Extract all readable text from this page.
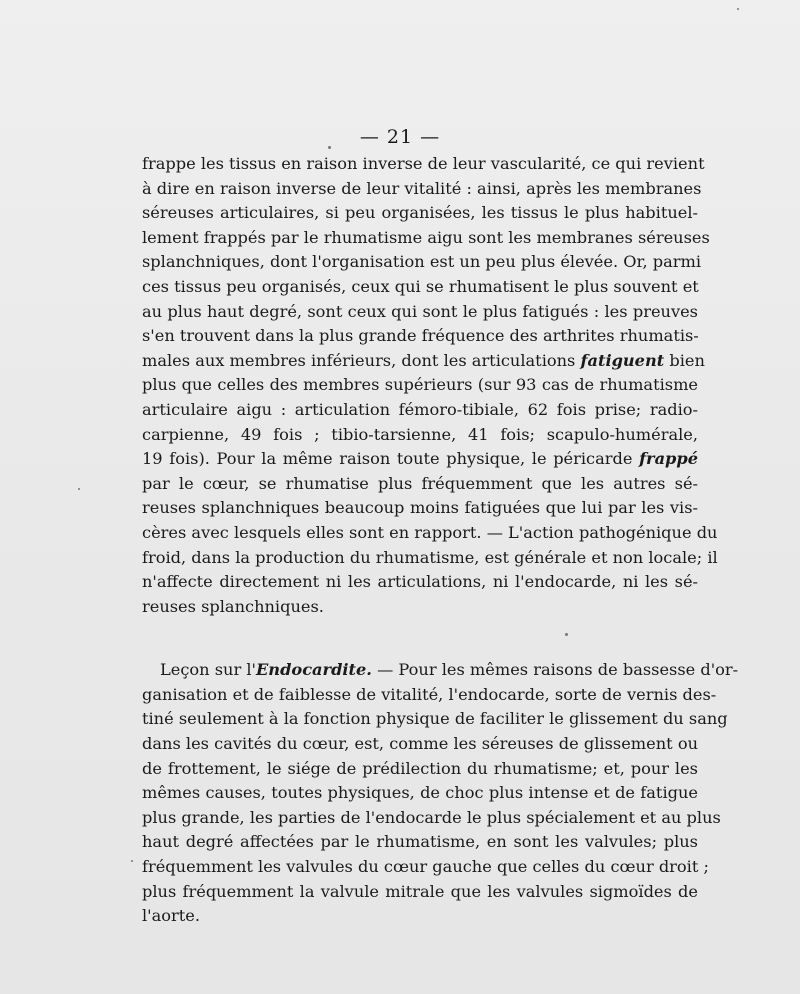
— 21 —

frappe les tissus en raison inverse de leur vascularité, ce qui revient
à dire en raison inverse de leur vitalité : ainsi, après les membranes
séreuses articulaires, si peu organisées, les tissus le plus habituel-
lement frappés par le rhumatisme aigu sont les membranes séreuses
splanchniques, dont l'organisation est un peu plus élevée. Or, parmi
ces tissus peu organisés, ceux qui se rhumatisent le plus souvent et
au plus haut degré, sont ceux qui sont le plus fatigués : les preuves
s'en trouvent dans la plus grande fréquence des arthrites rhumatis-
males aux membres inférieurs, dont les articulations fatiguent bien
plus que celles des membres supérieurs (sur 93 cas de rhumatisme
articulaire aigu : articulation fémoro-tibiale, 62 fois prise; radio-
carpienne, 49 fois ; tibio-tarsienne, 41 fois; scapulo-humérale,
19 fois). Pour la même raison toute physique, le péricarde frappé
par le cœur, se rhumatise plus fréquemment que les autres sé-
reuses splanchniques beaucoup moins fatiguées que lui par les vis-
cères avec lesquels elles sont en rapport. — L'action pathogénique du
froid, dans la production du rhumatisme, est générale et non locale; il
n'affecte directement ni les articulations, ni l'endocarde, ni les sé-
reuses splanchniques.

Leçon sur l'Endocardite. — Pour les mêmes raisons de bassesse d'or-
ganisation et de faiblesse de vitalité, l'endocarde, sorte de vernis des-
tiné seulement à la fonction physique de faciliter le glissement du sang
dans les cavités du cœur, est, comme les séreuses de glissement ou
de frottement, le siége de prédilection du rhumatisme; et, pour les
mêmes causes, toutes physiques, de choc plus intense et de fatigue
plus grande, les parties de l'endocarde le plus spécialement et au plus
haut degré affectées par le rhumatisme, en sont les valvules; plus
fréquemment les valvules du cœur gauche que celles du cœur droit ;
plus fréquemment la valvule mitrale que les valvules sigmoïdes de
l'aorte.
